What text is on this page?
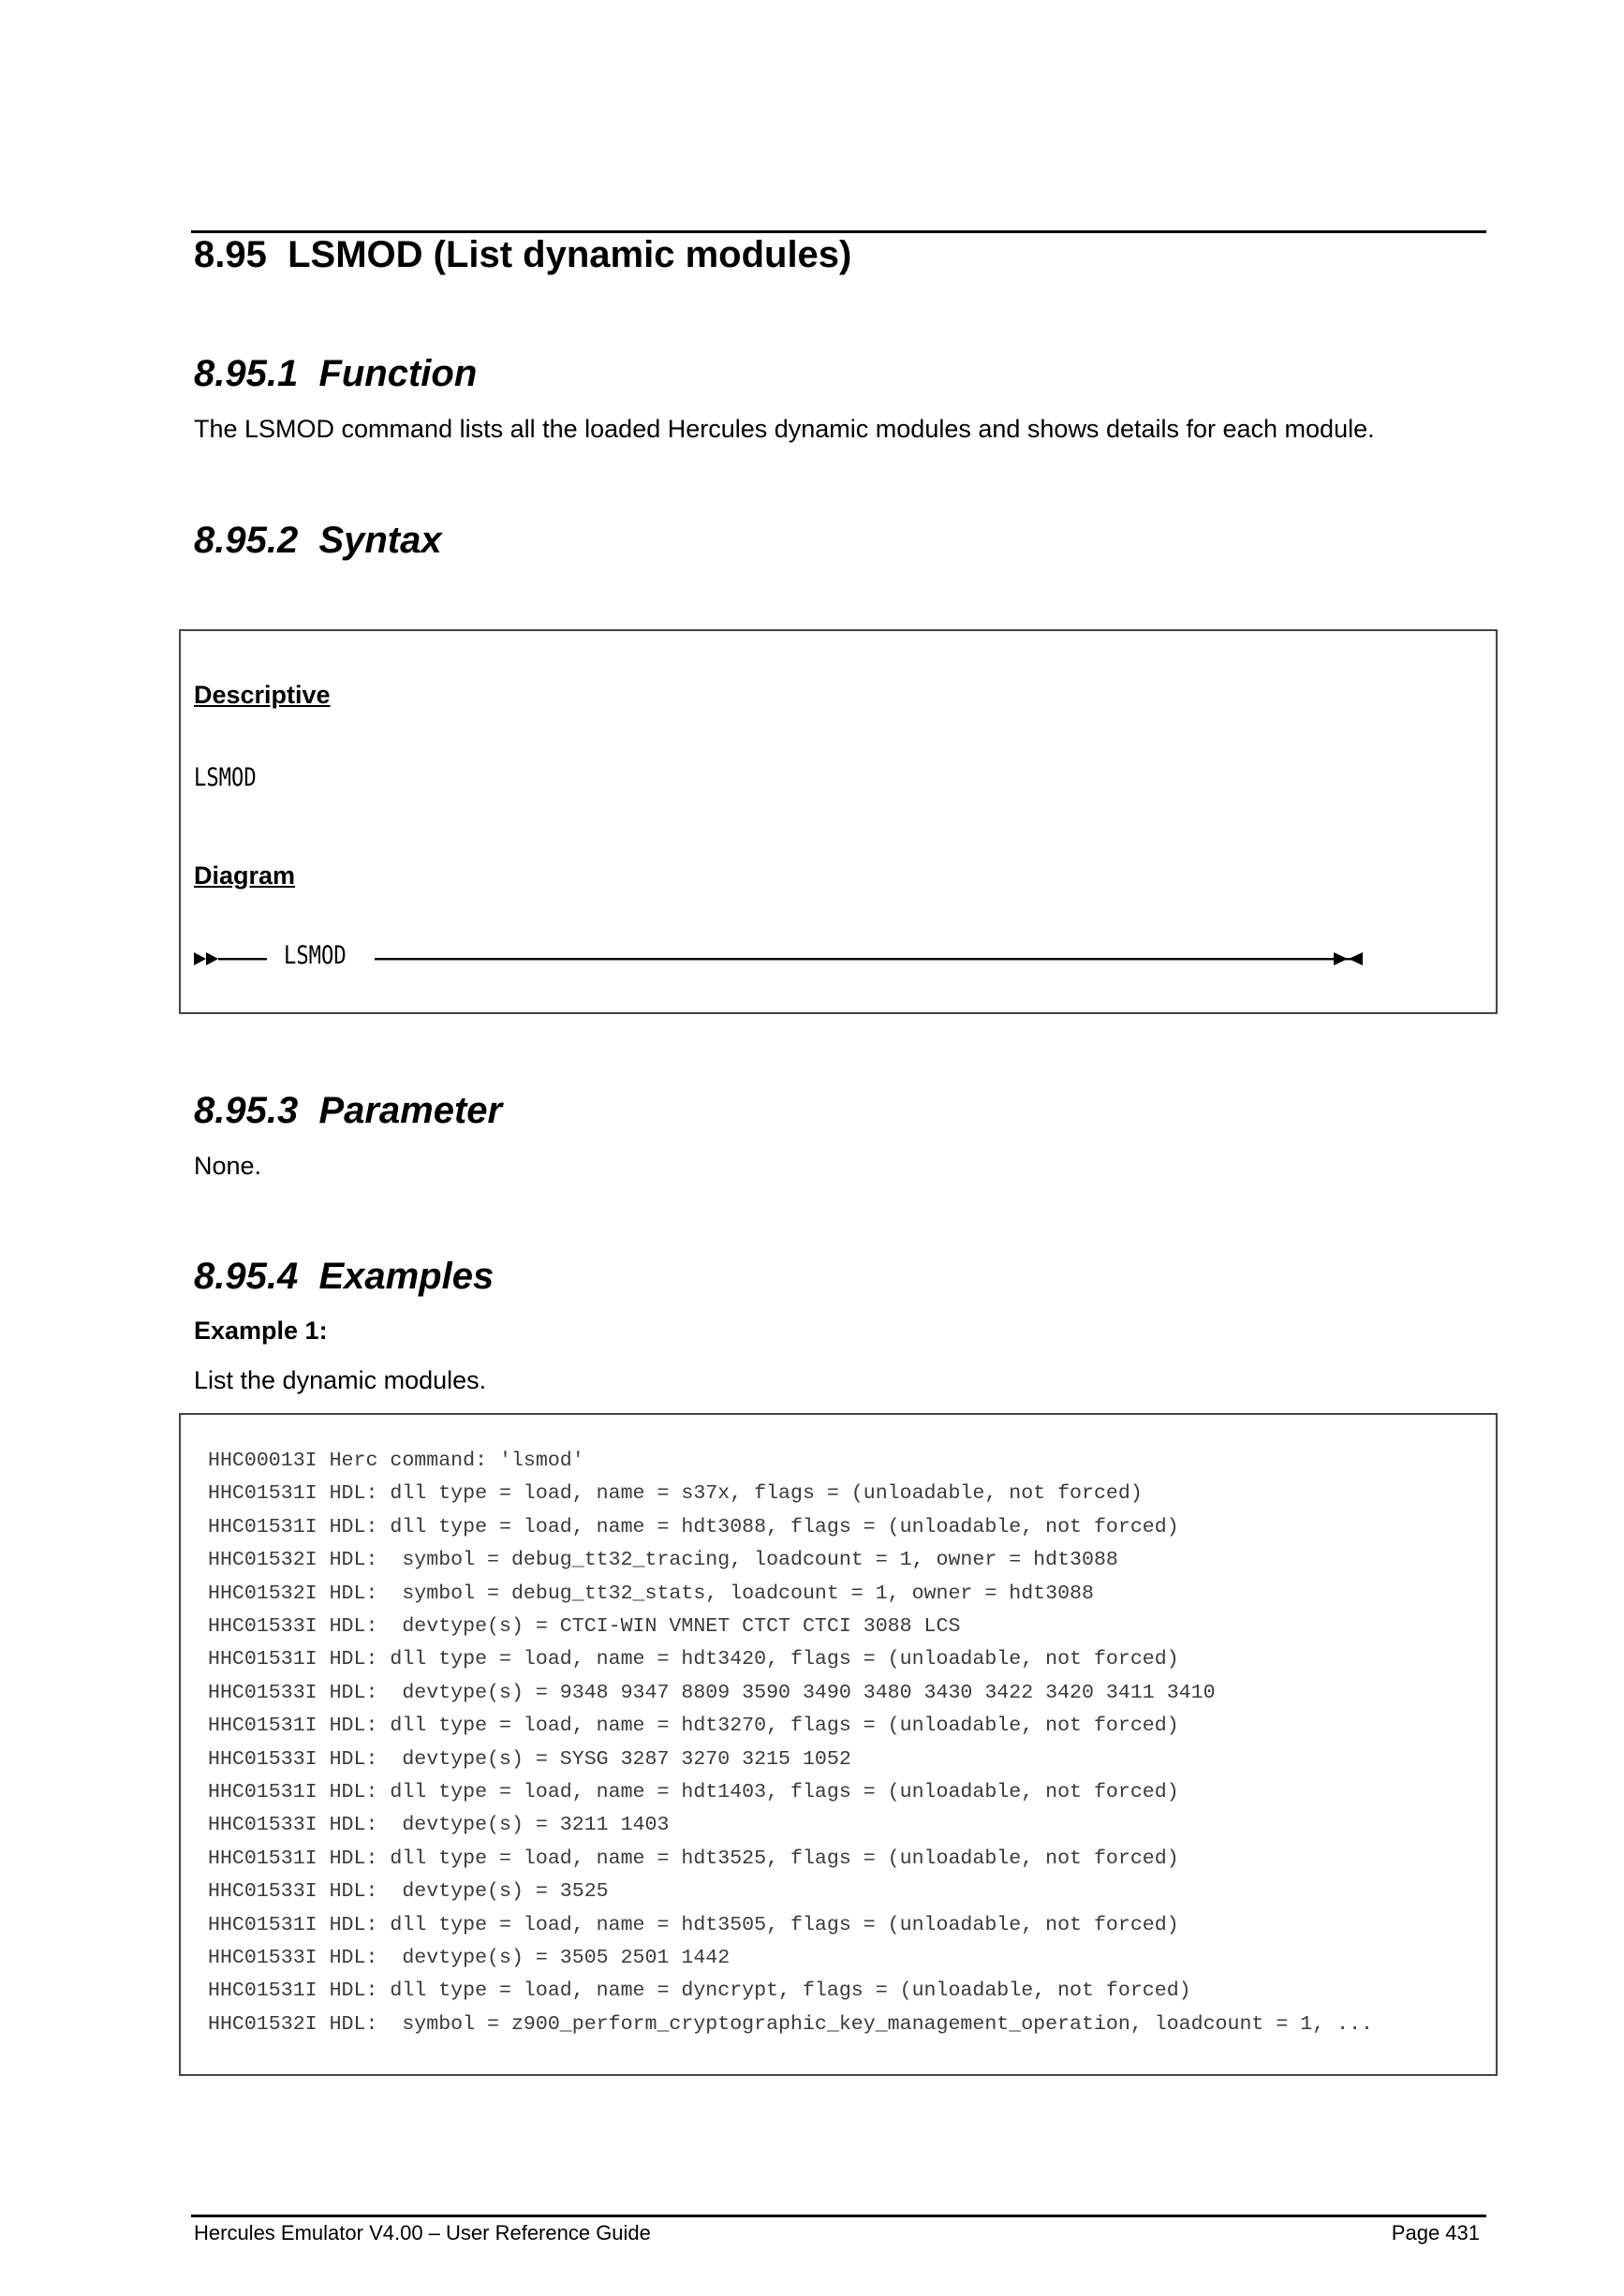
8.95  LSMOD (List dynamic modules)
8.95.1  Function
The LSMOD command lists all the loaded Hercules dynamic modules and shows details for each module.
8.95.2  Syntax
Descriptive
LSMOD
Diagram
LSMOD
8.95.3  Parameter
None.
8.95.4  Examples
Example 1:
List the dynamic modules.
HHC00013I Herc command: 'lsmod'
HHC01531I HDL: dll type = load, name = s37x, flags = (unloadable, not forced)
HHC01531I HDL: dll type = load, name = hdt3088, flags = (unloadable, not forced)
HHC01532I HDL:  symbol = debug_tt32_tracing, loadcount = 1, owner = hdt3088
HHC01532I HDL:  symbol = debug_tt32_stats, loadcount = 1, owner = hdt3088
HHC01533I HDL:  devtype(s) = CTCI-WIN VMNET CTCT CTCI 3088 LCS
HHC01531I HDL: dll type = load, name = hdt3420, flags = (unloadable, not forced)
HHC01533I HDL:  devtype(s) = 9348 9347 8809 3590 3490 3480 3430 3422 3420 3411 3410
HHC01531I HDL: dll type = load, name = hdt3270, flags = (unloadable, not forced)
HHC01533I HDL:  devtype(s) = SYSG 3287 3270 3215 1052
HHC01531I HDL: dll type = load, name = hdt1403, flags = (unloadable, not forced)
HHC01533I HDL:  devtype(s) = 3211 1403
HHC01531I HDL: dll type = load, name = hdt3525, flags = (unloadable, not forced)
HHC01533I HDL:  devtype(s) = 3525
HHC01531I HDL: dll type = load, name = hdt3505, flags = (unloadable, not forced)
HHC01533I HDL:  devtype(s) = 3505 2501 1442
HHC01531I HDL: dll type = load, name = dyncrypt, flags = (unloadable, not forced)
HHC01532I HDL:  symbol = z900_perform_cryptographic_key_management_operation, loadcount = 1, ...
Hercules Emulator V4.00 – User Reference Guide	Page 431
